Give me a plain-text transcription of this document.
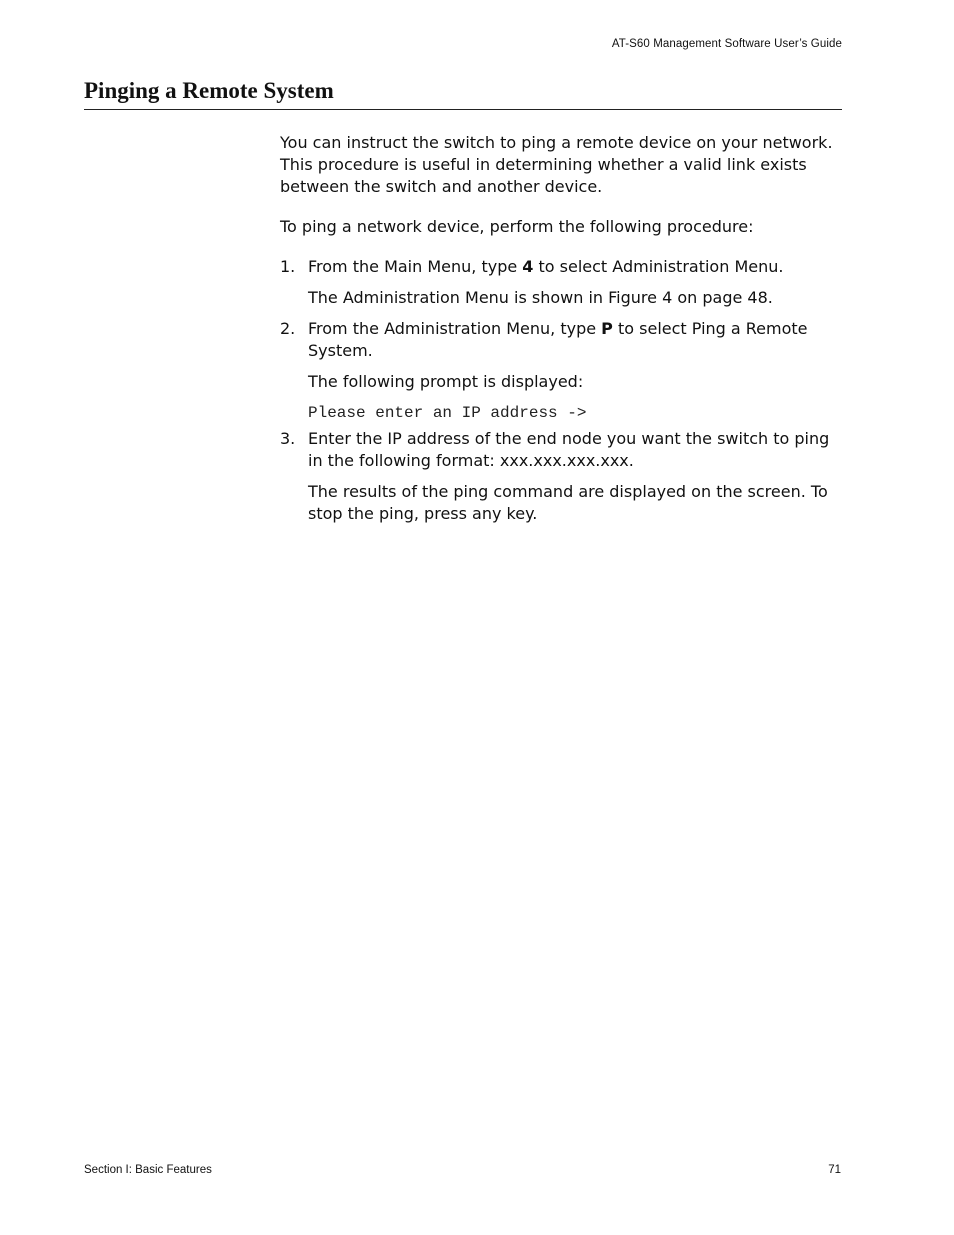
AT-S60 Management Software User’s Guide
Pinging a Remote System

You can instruct the switch to ping a remote device on your network. This procedure is useful in determining whether a valid link exists between the switch and another device.

To ping a network device, perform the following procedure:

1. From the Main Menu, type 4 to select Administration Menu.

The Administration Menu is shown in Figure 4 on page 48.

2. From the Administration Menu, type P to select Ping a Remote System.

The following prompt is displayed:

Please enter an IP address ->
3. Enter the IP address of the end node you want the switch to ping in the following format: xxx.xxx.xxx.xxx.

The results of the ping command are displayed on the screen. To stop the ping, press any key.

Section I: Basic Features	71
